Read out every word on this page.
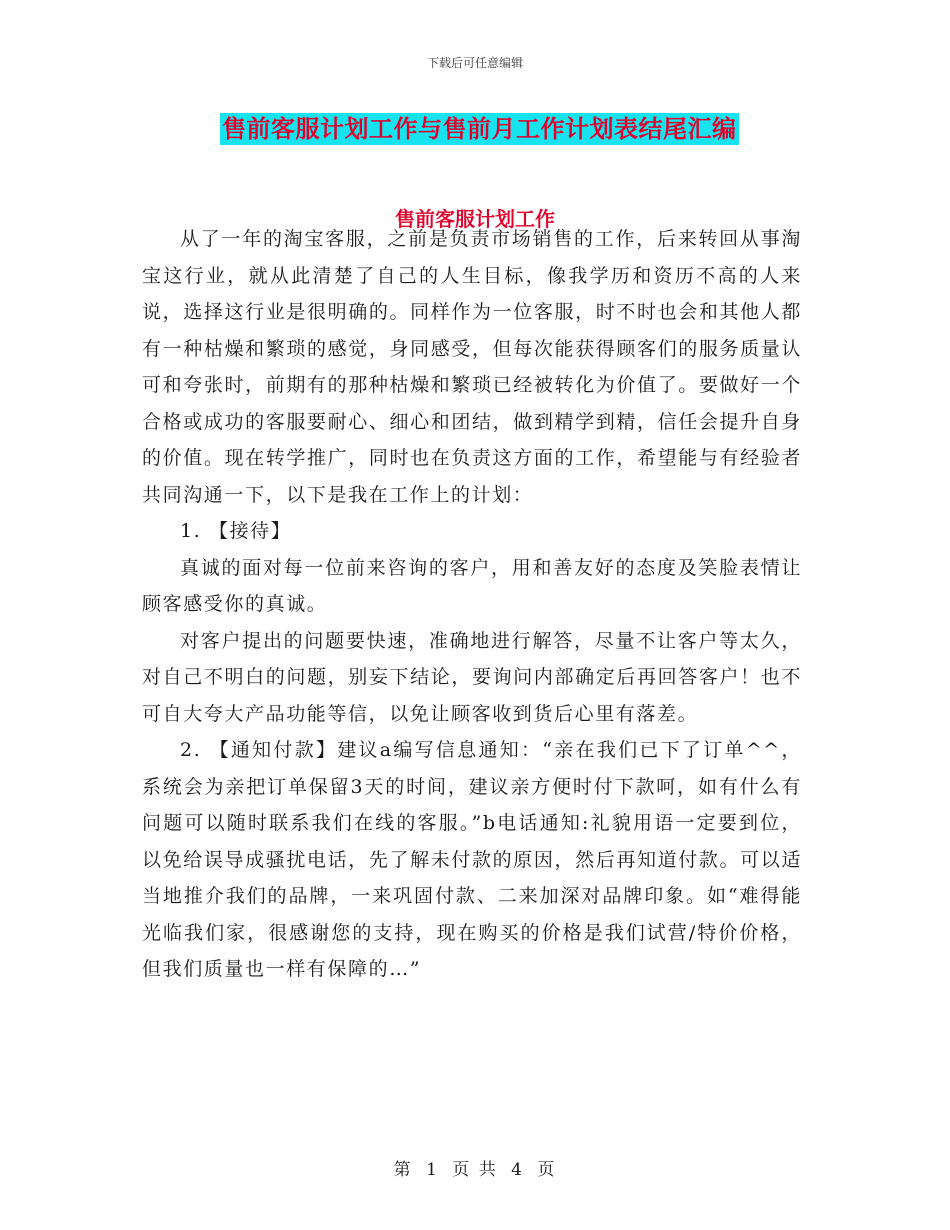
下载后可任意编辑
售前客服计划工作与售前月工作计划表结尾汇编
售前客服计划工作

从了一年的淘宝客服，之前是负责市场销售的工作，后来转回从事淘宝这行业，就从此清楚了自己的人生目标，像我学历和资历不高的人来说，选择这行业是很明确的。同样作为一位客服，时不时也会和其他人都有一种枯燥和繁琐的感觉，身同感受，但每次能获得顾客们的服务质量认可和夸张时，前期有的那种枯燥和繁琐已经被转化为价值了。要做好一个合格或成功的客服要耐心、细心和团结，做到精学到精，信任会提升自身的价值。现在转学推广，同时也在负责这方面的工作，希望能与有经验者共同沟通一下，以下是我在工作上的计划：

1. 【接待】

真诚的面对每一位前来咨询的客户，用和善友好的态度及笑脸表情让顾客感受你的真诚。

对客户提出的问题要快速，准确地进行解答，尽量不让客户等太久，对自己不明白的问题，别妄下结论，要询问内部确定后再回答客户！也不可自大夸大产品功能等信，以免让顾客收到货后心里有落差。

2. 【通知付款】建议a编写信息通知：“亲在我们已下了订单^^，系统会为亲把订单保留3天的时间，建议亲方便时付下款呵，如有什么有问题可以随时联系我们在线的客服。”b电话通知:礼貌用语一定要到位，以免给误导成骚扰电话，先了解未付款的原因，然后再知道付款。可以适当地推介我们的品牌，一来巩固付款、二来加深对品牌印象。如“难得能光临我们家，很感谢您的支持，现在购买的价格是我们试营/特价价格，但我们质量也一样有保障的…”

第 1 页 共 4 页
